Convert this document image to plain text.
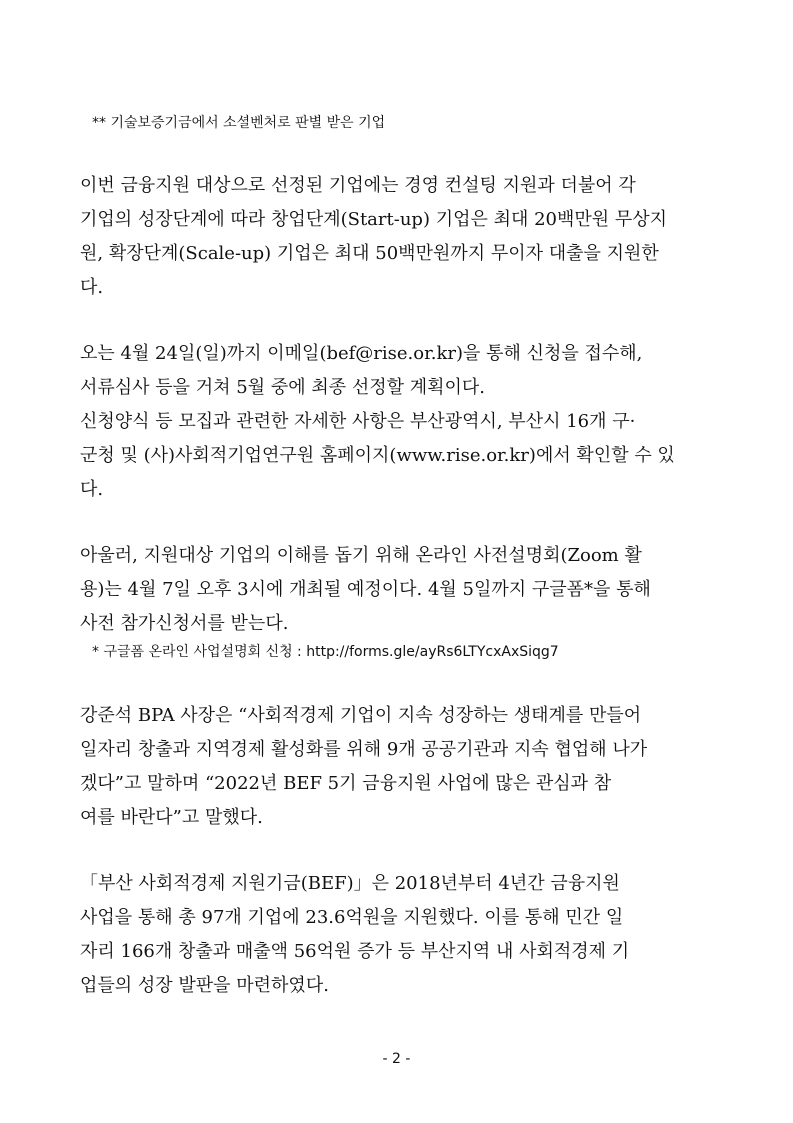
** 기술보증기금에서 소셜벤처로 판별 받은 기업

이번 금융지원 대상으로 선정된 기업에는 경영 컨설팅 지원과 더불어 각

기업의 성장단계에 따라 창업단계(Start-up) 기업은 최대 20백만원 무상지

원, 확장단계(Scale-up) 기업은 최대 50백만원까지 무이자 대출을 지원한

다.

오는 4월 24일(일)까지 이메일(bef@rise.or.kr)을 통해 신청을 접수해,

서류심사 등을 거쳐 5월 중에 최종 선정할 계획이다.

신청양식 등 모집과 관련한 자세한 사항은 부산광역시, 부산시 16개 구·

군청 및 (사)사회적기업연구원 홈페이지(www.rise.or.kr)에서 확인할 수 있

다.

아울러, 지원대상 기업의 이해를 돕기 위해 온라인 사전설명회(Zoom 활

용)는 4월 7일 오후 3시에 개최될 예정이다. 4월 5일까지 구글폼*을 통해

사전 참가신청서를 받는다.

* 구글폼 온라인 사업설명회 신청 : http://forms.gle/ayRs6LTYcxAxSiqg7

강준석 BPA 사장은 “사회적경제 기업이 지속 성장하는 생태계를 만들어

일자리 창출과 지역경제 활성화를 위해 9개 공공기관과 지속 협업해 나가

겠다”고 말하며 “2022년 BEF 5기 금융지원 사업에 많은 관심과 참

여를 바란다”고 말했다.

「부산 사회적경제 지원기금(BEF)」은 2018년부터 4년간 금융지원

사업을 통해 총 97개 기업에 23.6억원을 지원했다. 이를 통해 민간 일

자리 166개 창출과 매출액 56억원 증가 등 부산지역 내 사회적경제 기

업들의 성장 발판을 마련하였다.

- 2 -
